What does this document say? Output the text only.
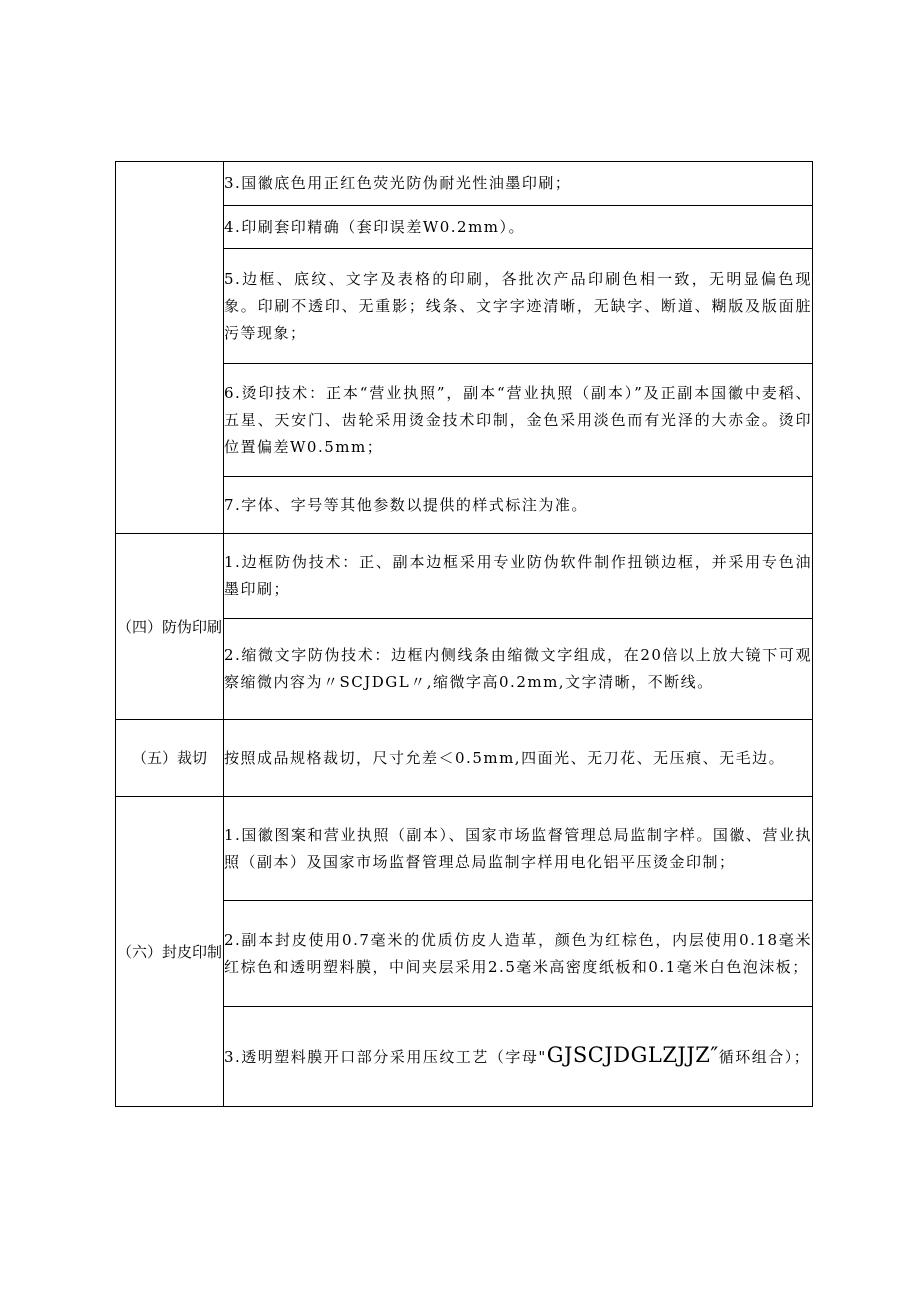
	3.国徽底色用正红色荧光防伪耐光性油墨印刷；

	4.印刷套印精确（套印误差W0.2mm）。

	5.边框、底纹、文字及表格的印刷，各批次产品印刷色相一致，无明显偏色现象。印刷不透印、无重影；线条、文字字迹清晰，无缺字、断道、糊版及版面脏污等现象；

	6.烫印技术：正本“营业执照”，副本“营业执照（副本）”及正副本国徽中麦稻、五星、天安门、齿轮采用烫金技术印制，金色采用淡色而有光泽的大赤金。烫印位置偏差W0.5mm；

	7.字体、字号等其他参数以提供的样式标注为准。

（四）防伪印刷	1.边框防伪技术：正、副本边框采用专业防伪软件制作扭锁边框，并采用专色油墨印刷；

	2.缩微文字防伪技术：边框内侧线条由缩微文字组成，在20倍以上放大镜下可观察缩微内容为〃SCJDGL〃,缩微字高0.2mm,文字清晰，不断线。

（五）裁切	按照成品规格裁切，尺寸允差＜0.5mm,四面光、无刀花、无压痕、无毛边。

（六）封皮印制	1.国徽图案和营业执照（副本）、国家市场监督管理总局监制字样。国徽、营业执照（副本）及国家市场监督管理总局监制字样用电化铝平压烫金印制；

	2.副本封皮使用0.7毫米的优质仿皮人造革，颜色为红棕色，内层使用0.18毫米红棕色和透明塑料膜，中间夹层采用2.5毫米高密度纸板和0.1毫米白色泡沫板；

	3.透明塑料膜开口部分采用压纹工艺（字母"GJSCJDGLZJJZ″循环组合）；
